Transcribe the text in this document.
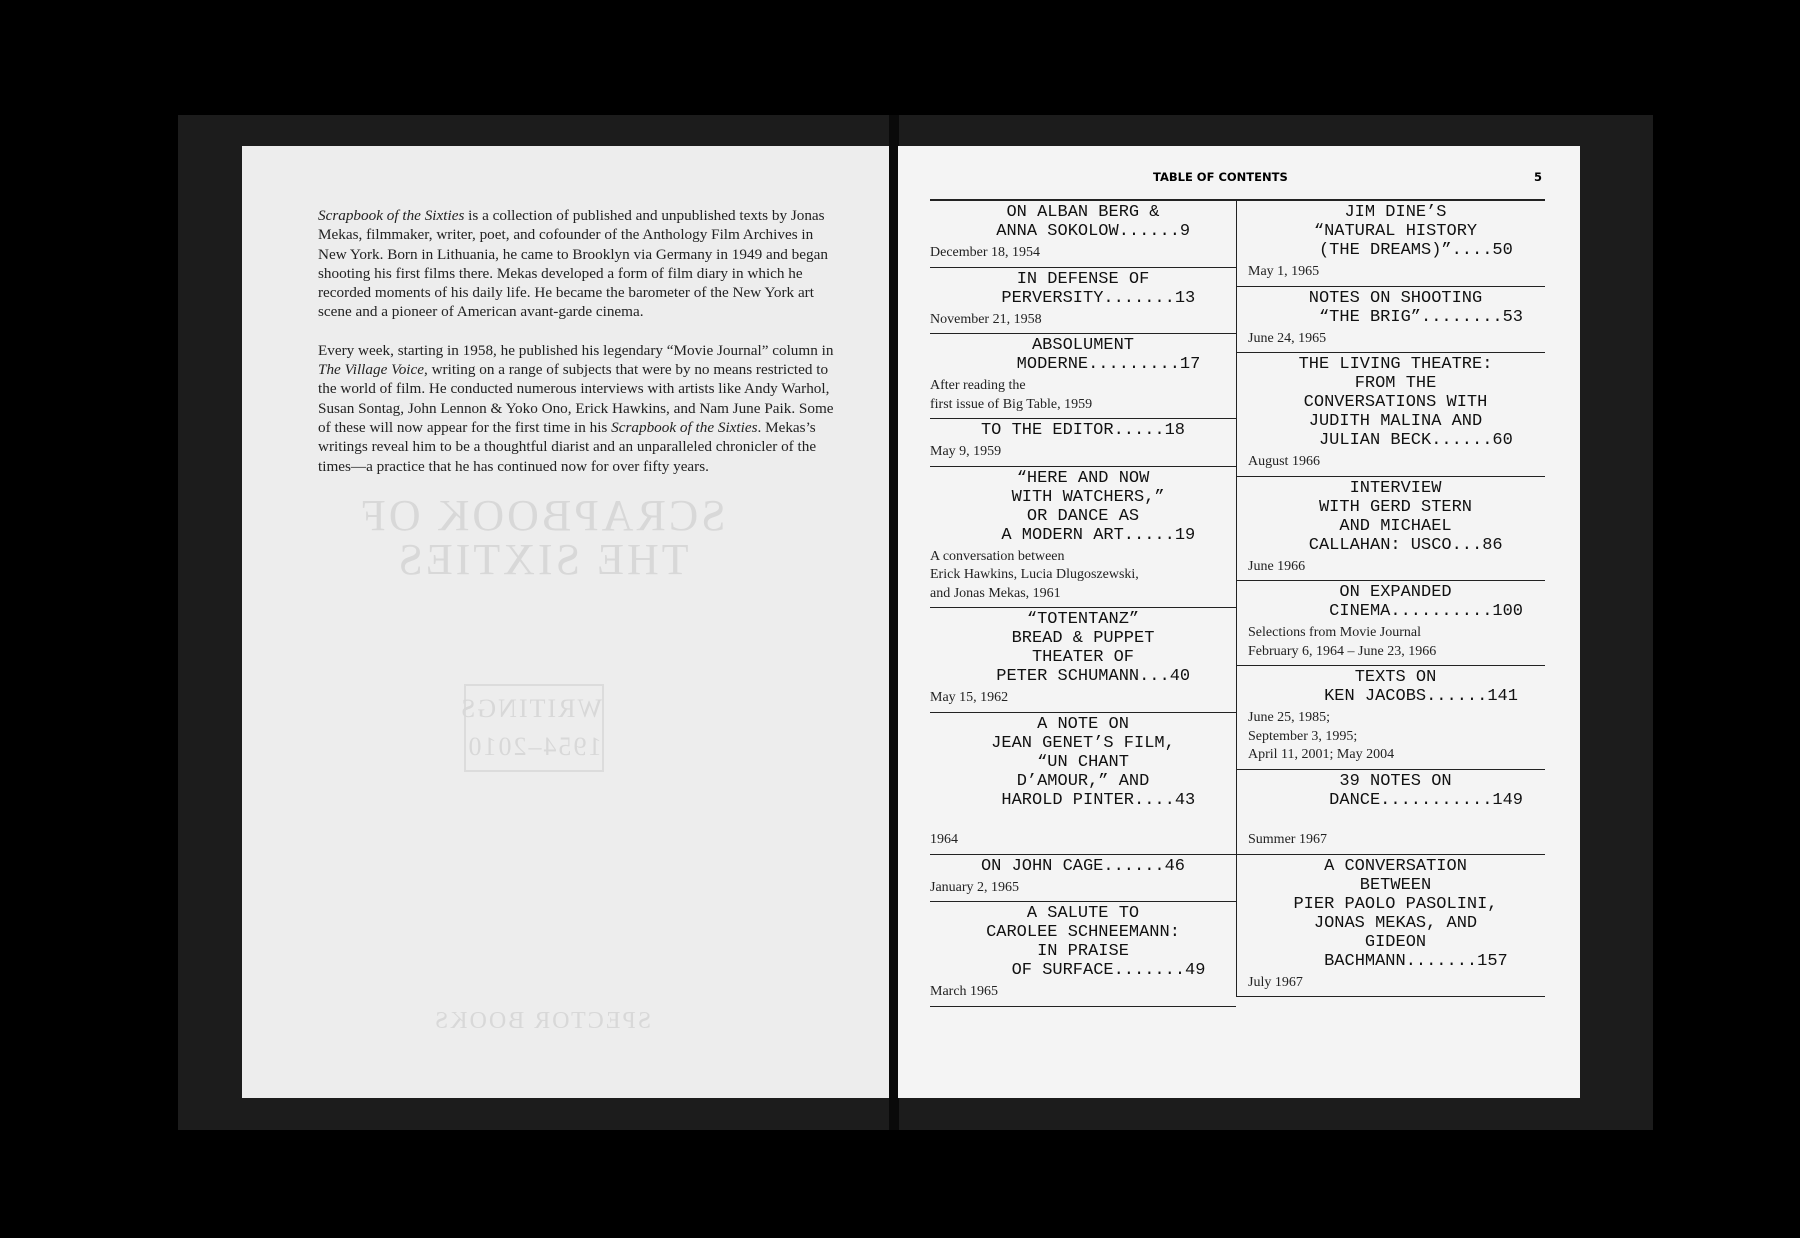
SCRAPBOOK OF THE SIXTIES
WRITINGS 1954–2010
SPECTOR BOOKS

Scrapbook of the Sixties is a collection of published and unpublished texts by Jonas Mekas, filmmaker, writer, poet, and cofounder of the Anthology Film Archives in New York. Born in Lithuania, he came to Brooklyn via Germany in 1949 and began shooting his first films there. Mekas developed a form of film diary in which he recorded moments of his daily life. He became the barometer of the New York art scene and a pioneer of American avant-garde cinema.

Every week, starting in 1958, he published his legendary “Movie Journal” column in The Village Voice, writing on a range of subjects that were by no means restricted to the world of film. He conducted numerous interviews with artists like Andy Warhol, Susan Sontag, John Lennon & Yoko Ono, Erick Hawkins, and Nam June Paik. Some of these will now appear for the first time in his Scrapbook of the Sixties. Mekas’s writings reveal him to be a thoughtful diarist and an unparalleled chronicler of the times—a practice that he has continued now for over fifty years.

TABLE OF CONTENTS	5
ON ALBAN BERG &
ANNA SOKOLOW......9
December 18, 1954
IN DEFENSE OF
PERVERSITY.......13
November 21, 1958
ABSOLUMENT
MODERNE.........17
After reading the
first issue of Big Table, 1959
TO THE EDITOR.....18
May 9, 1959
“HERE AND NOW
WITH WATCHERS,”
OR DANCE AS
A MODERN ART.....19
A conversation between
Erick Hawkins, Lucia Dlugoszewski,
and Jonas Mekas, 1961
“TOTENTANZ”
BREAD & PUPPET
THEATER OF
PETER SCHUMANN...40
May 15, 1962
A NOTE ON
JEAN GENET’S FILM,
“UN CHANT
D’AMOUR,” AND
HAROLD PINTER....43

1964
ON JOHN CAGE......46
January 2, 1965
A SALUTE TO
CAROLEE SCHNEEMANN:
IN PRAISE
OF SURFACE.......49
March 1965
JIM DINE’S
“NATURAL HISTORY
(THE DREAMS)”....50
May 1, 1965
NOTES ON SHOOTING
“THE BRIG”........53
June 24, 1965
THE LIVING THEATRE:
FROM THE
CONVERSATIONS WITH
JUDITH MALINA AND
JULIAN BECK......60
August 1966
INTERVIEW
WITH GERD STERN
AND MICHAEL
CALLAHAN: USCO...86
June 1966
ON EXPANDED
CINEMA..........100
Selections from Movie Journal
February 6, 1964 – June 23, 1966
TEXTS ON
KEN JACOBS......141
June 25, 1985;
September 3, 1995;
April 11, 2001; May 2004
39 NOTES ON
DANCE...........149

Summer 1967
A CONVERSATION
BETWEEN
PIER PAOLO PASOLINI,
JONAS MEKAS, AND
GIDEON
BACHMANN.......157
July 1967
